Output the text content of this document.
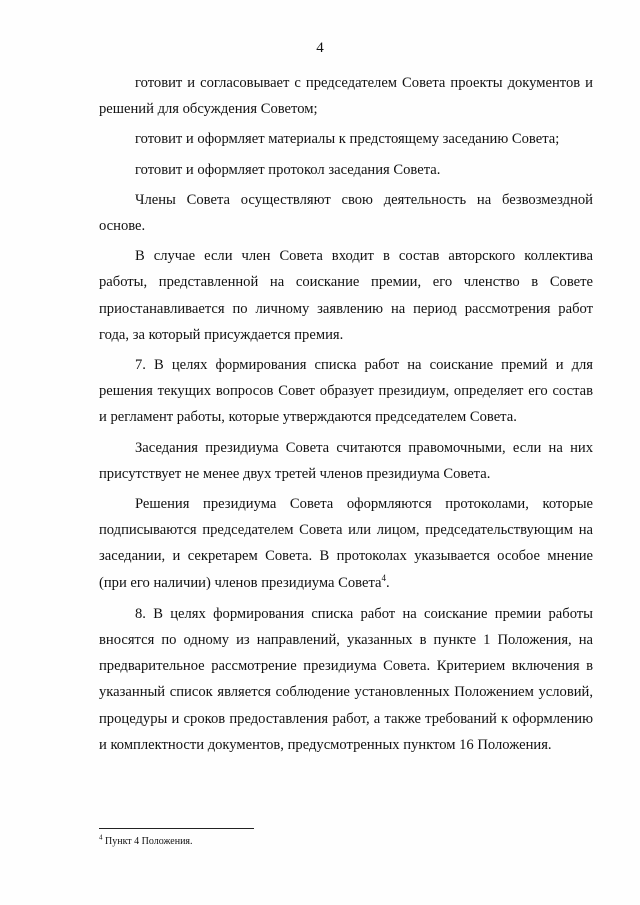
4

готовит и согласовывает с председателем Совета проекты документов и решений для обсуждения Советом;

готовит и оформляет материалы к предстоящему заседанию Совета;

готовит и оформляет протокол заседания Совета.

Члены Совета осуществляют свою деятельность на безвозмездной основе.

В случае если член Совета входит в состав авторского коллектива работы, представленной на соискание премии, его членство в Совете приостанавливается по личному заявлению на период рассмотрения работ года, за который присуждается премия.

7. В целях формирования списка работ на соискание премий и для решения текущих вопросов Совет образует президиум, определяет его состав и регламент работы, которые утверждаются председателем Совета.

Заседания президиума Совета считаются правомочными, если на них присутствует не менее двух третей членов президиума Совета.

Решения президиума Совета оформляются протоколами, которые подписываются председателем Совета или лицом, председательствующим на заседании, и секретарем Совета. В протоколах указывается особое мнение (при его наличии) членов президиума Совета$^4$.

8. В целях формирования списка работ на соискание премии работы вносятся по одному из направлений, указанных в пункте 1 Положения, на предварительное рассмотрение президиума Совета. Критерием включения в указанный список является соблюдение установленных Положением условий, процедуры и сроков предоставления работ, а также требований к оформлению и комплектности документов, предусмотренных пунктом 16 Положения.

$^4$ Пункт 4 Положения.
